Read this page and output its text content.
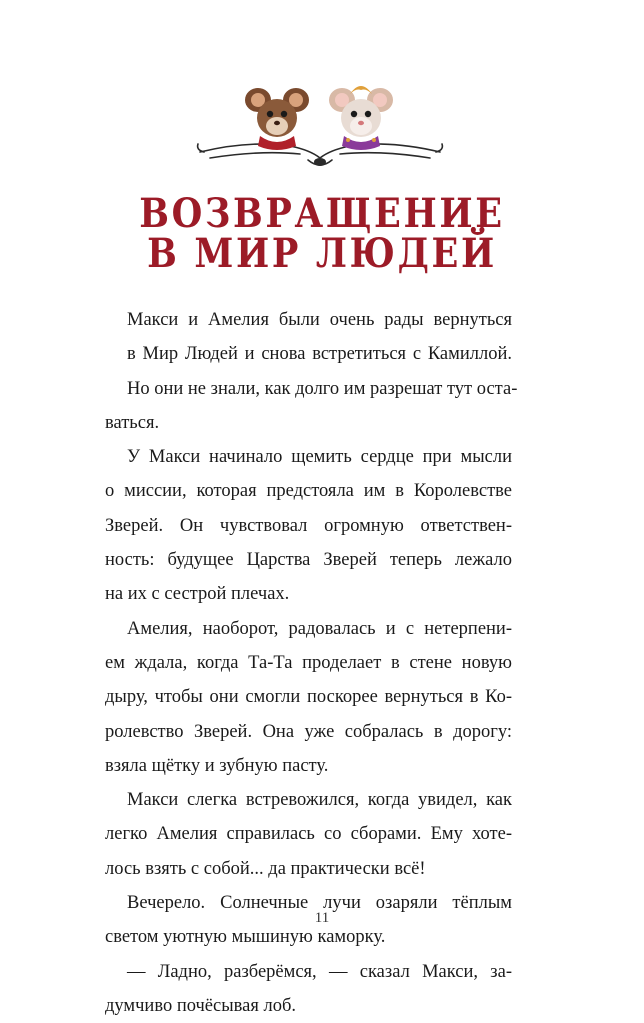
ВОЗВРАЩЕНИЕ
В МИР ЛЮДЕЙ
Макси и Амелия были очень рады вернуться
в Мир Людей и снова встретиться с Камиллой.
Но они не знали, как долго им разрешат тут оста-
ваться.
У Макси начинало щемить сердце при мысли
о миссии, которая предстояла им в Королевстве
Зверей. Он чувствовал огромную ответствен-
ность: будущее Царства Зверей теперь лежало
на их с сестрой плечах.
Амелия, наоборот, радовалась и с нетерпени-
ем ждала, когда Та-Та проделает в стене новую
дыру, чтобы они смогли поскорее вернуться в Ко-
ролевство Зверей. Она уже собралась в дорогу:
взяла щётку и зубную пасту.
Макси слегка встревожился, когда увидел, как
легко Амелия справилась со сборами. Ему хоте-
лось взять с собой... да практически всё!
Вечерело. Солнечные лучи озаряли тёплым
светом уютную мышиную каморку.
— Ладно, разберёмся, — сказал Макси, за-
думчиво почёсывая лоб.
11
